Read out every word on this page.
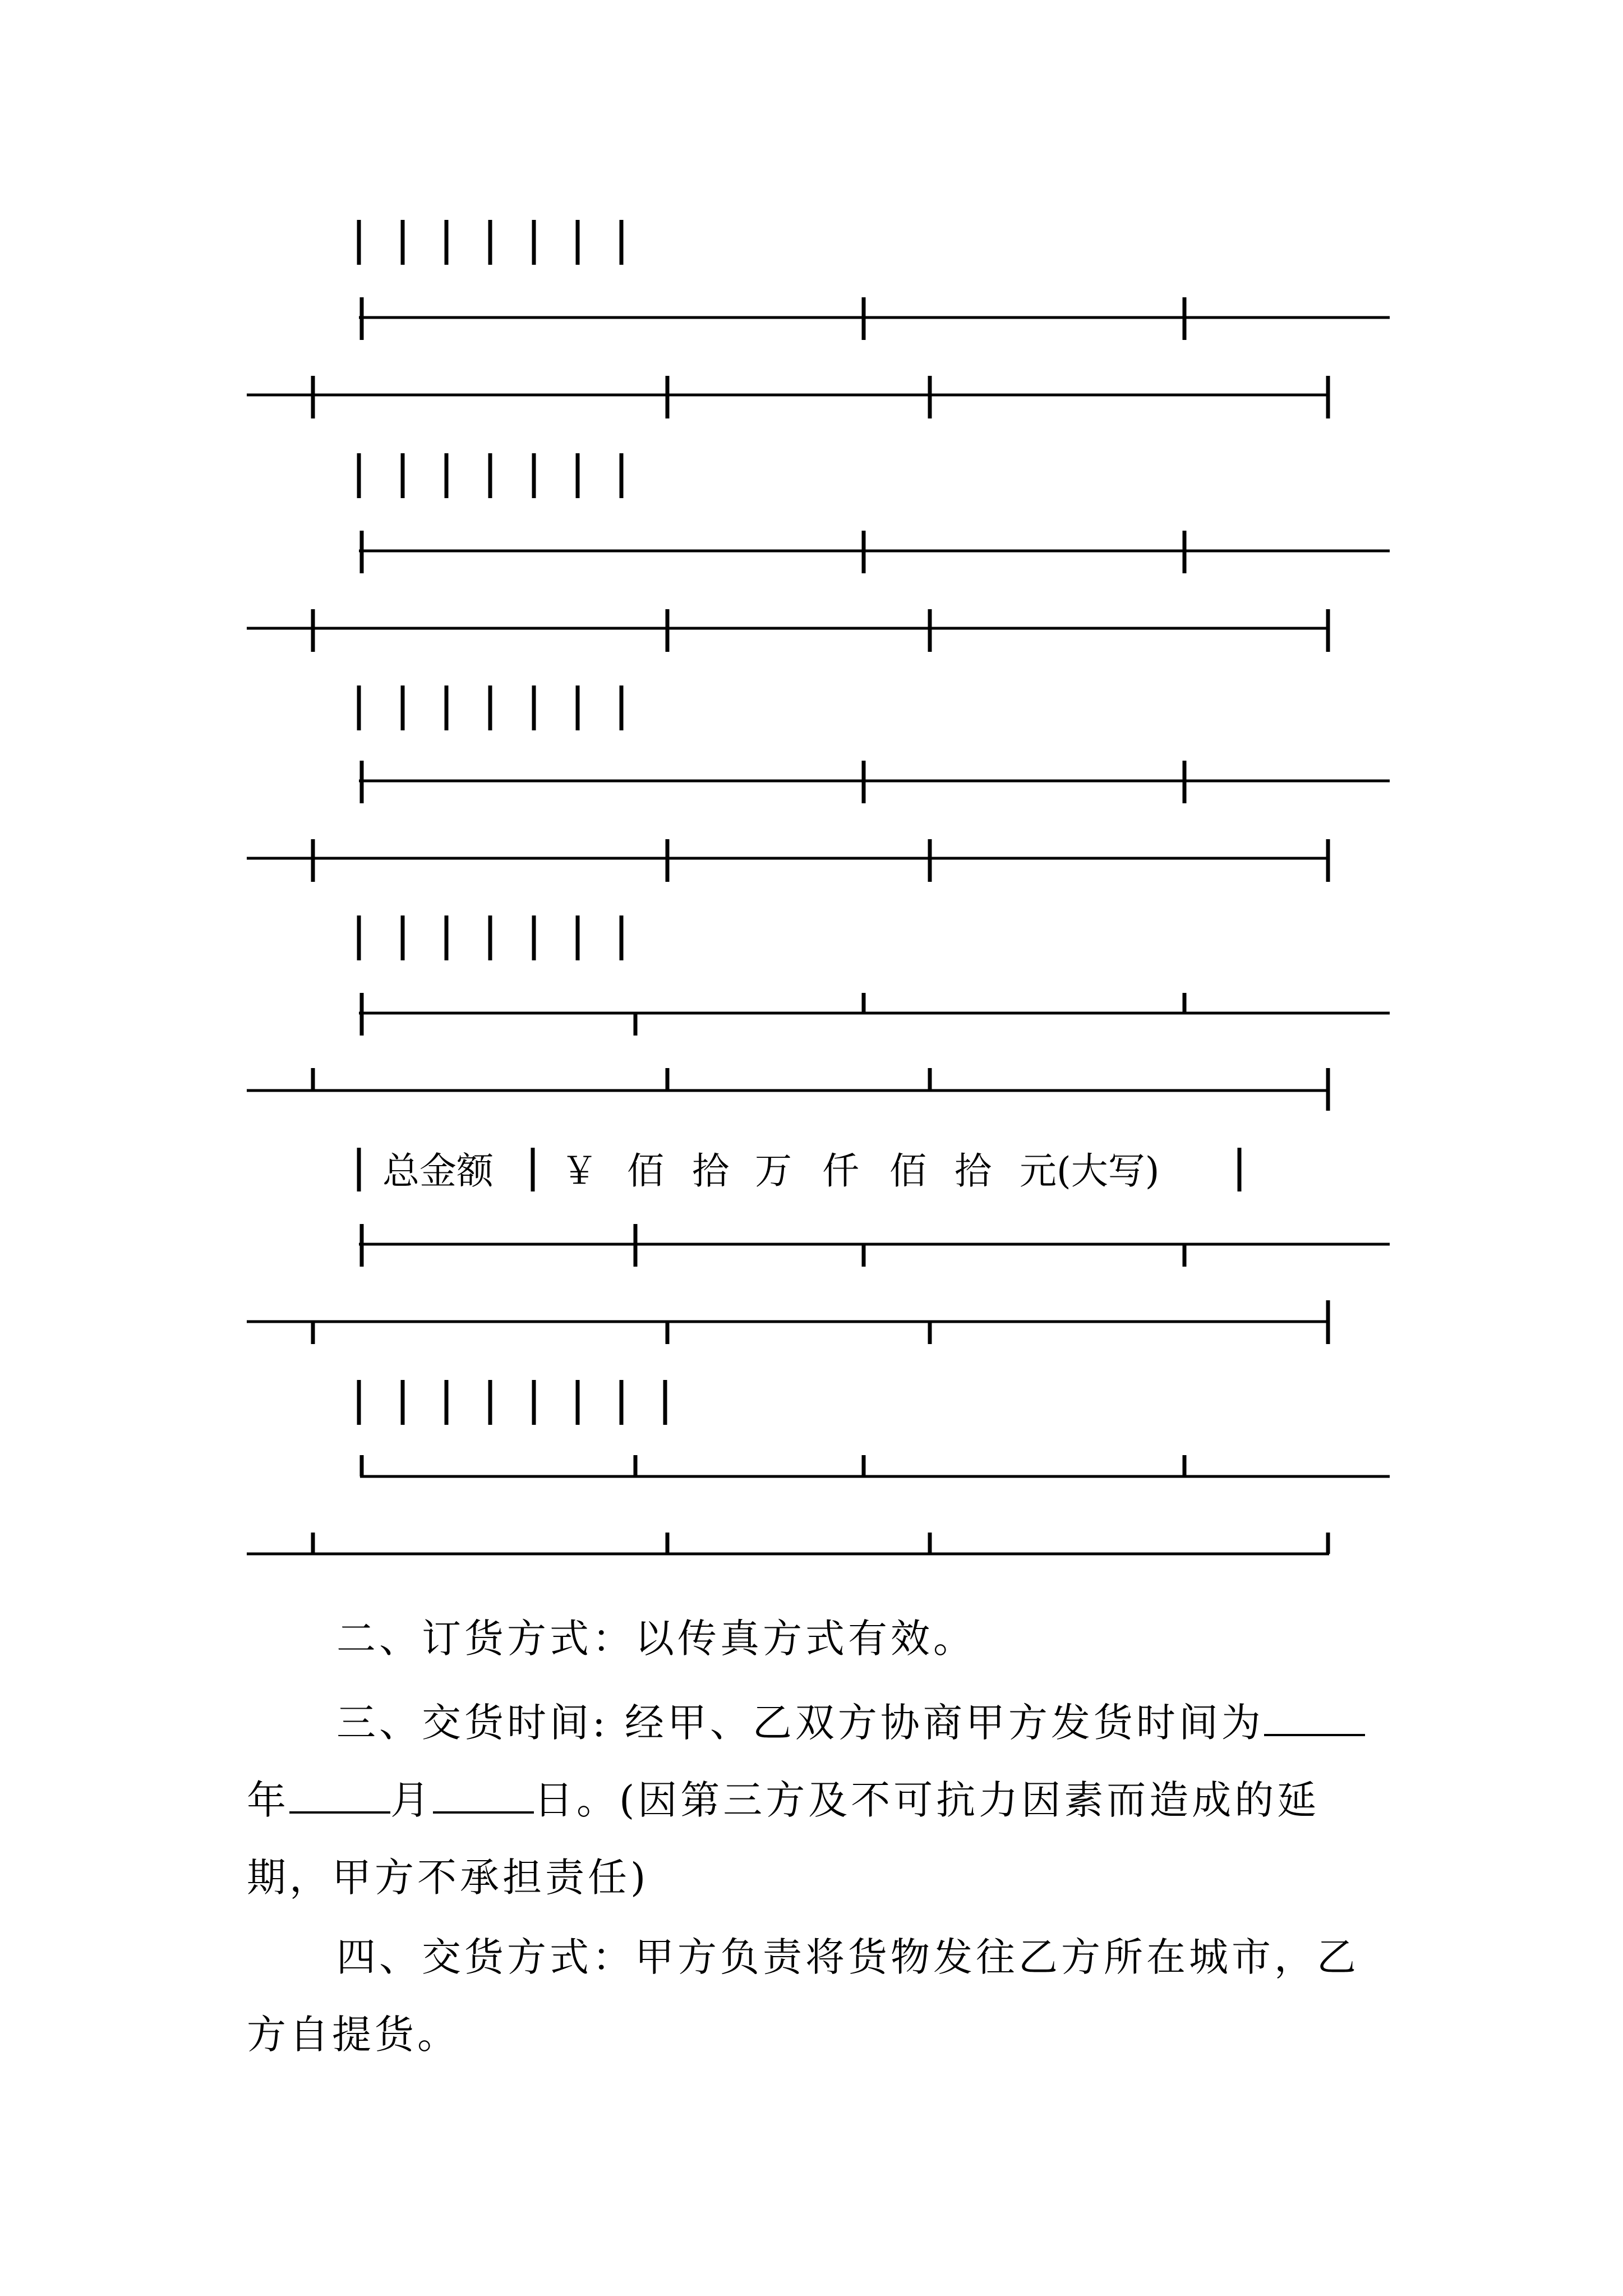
总金额 ￥ 佰 拾 万 仟 佰 拾 元(大写)

二、订货方式：以传真方式有效。

三、交货时间: 经甲、乙双方协商甲方发货时间为年	月	日。(因第三方及不可抗力因素而造成的延期，甲方不承担责任)

四、交货方式：甲方负责将货物发往乙方所在城市，乙方自提货。
